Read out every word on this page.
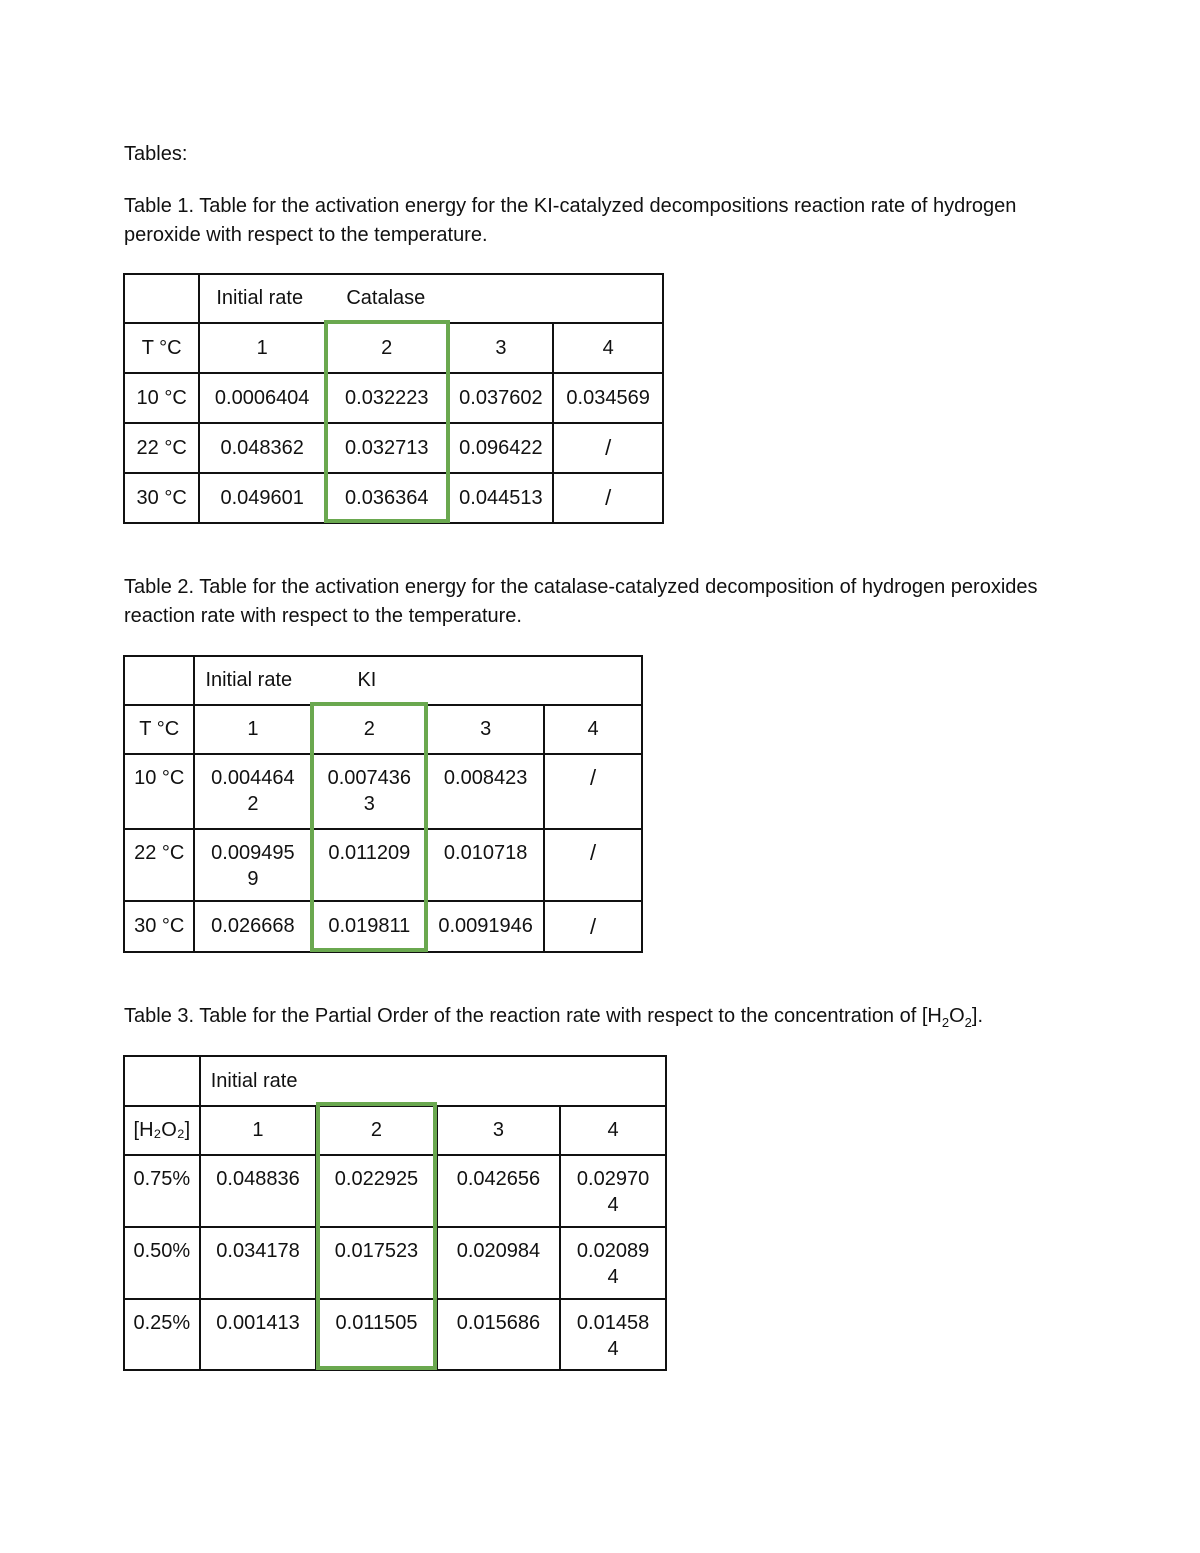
Tables:
Table 1. Table for the activation energy for the KI-catalyzed decompositions reaction rate of hydrogen peroxide with respect to the temperature.
	Initial rate Catalase			
T °C	1	2	3	4
10 °C	0.0006404	0.032223	0.037602	0.034569
22 °C	0.048362	0.032713	0.096422	/
30 °C	0.049601	0.036364	0.044513	/
Table 2. Table for the activation energy for the catalase-catalyzed decomposition of hydrogen peroxides reaction rate with respect to the temperature.
	Initial rate KI			
T °C	1	2	3	4
10 °C	0.004464 2	0.007436 3	0.008423	/
22 °C	0.009495 9	0.011209	0.010718	/
30 °C	0.026668	0.019811	0.0091946	/
Table 3. Table for the Partial Order of the reaction rate with respect to the concentration of $[H_2O_2]$.
	Initial rate			
[H₂O₂]	1	2	3	4
0.75%	0.048836	0.022925	0.042656	0.02970 4
0.50%	0.034178	0.017523	0.020984	0.02089 4
0.25%	0.001413	0.011505	0.015686	0.01458 4
